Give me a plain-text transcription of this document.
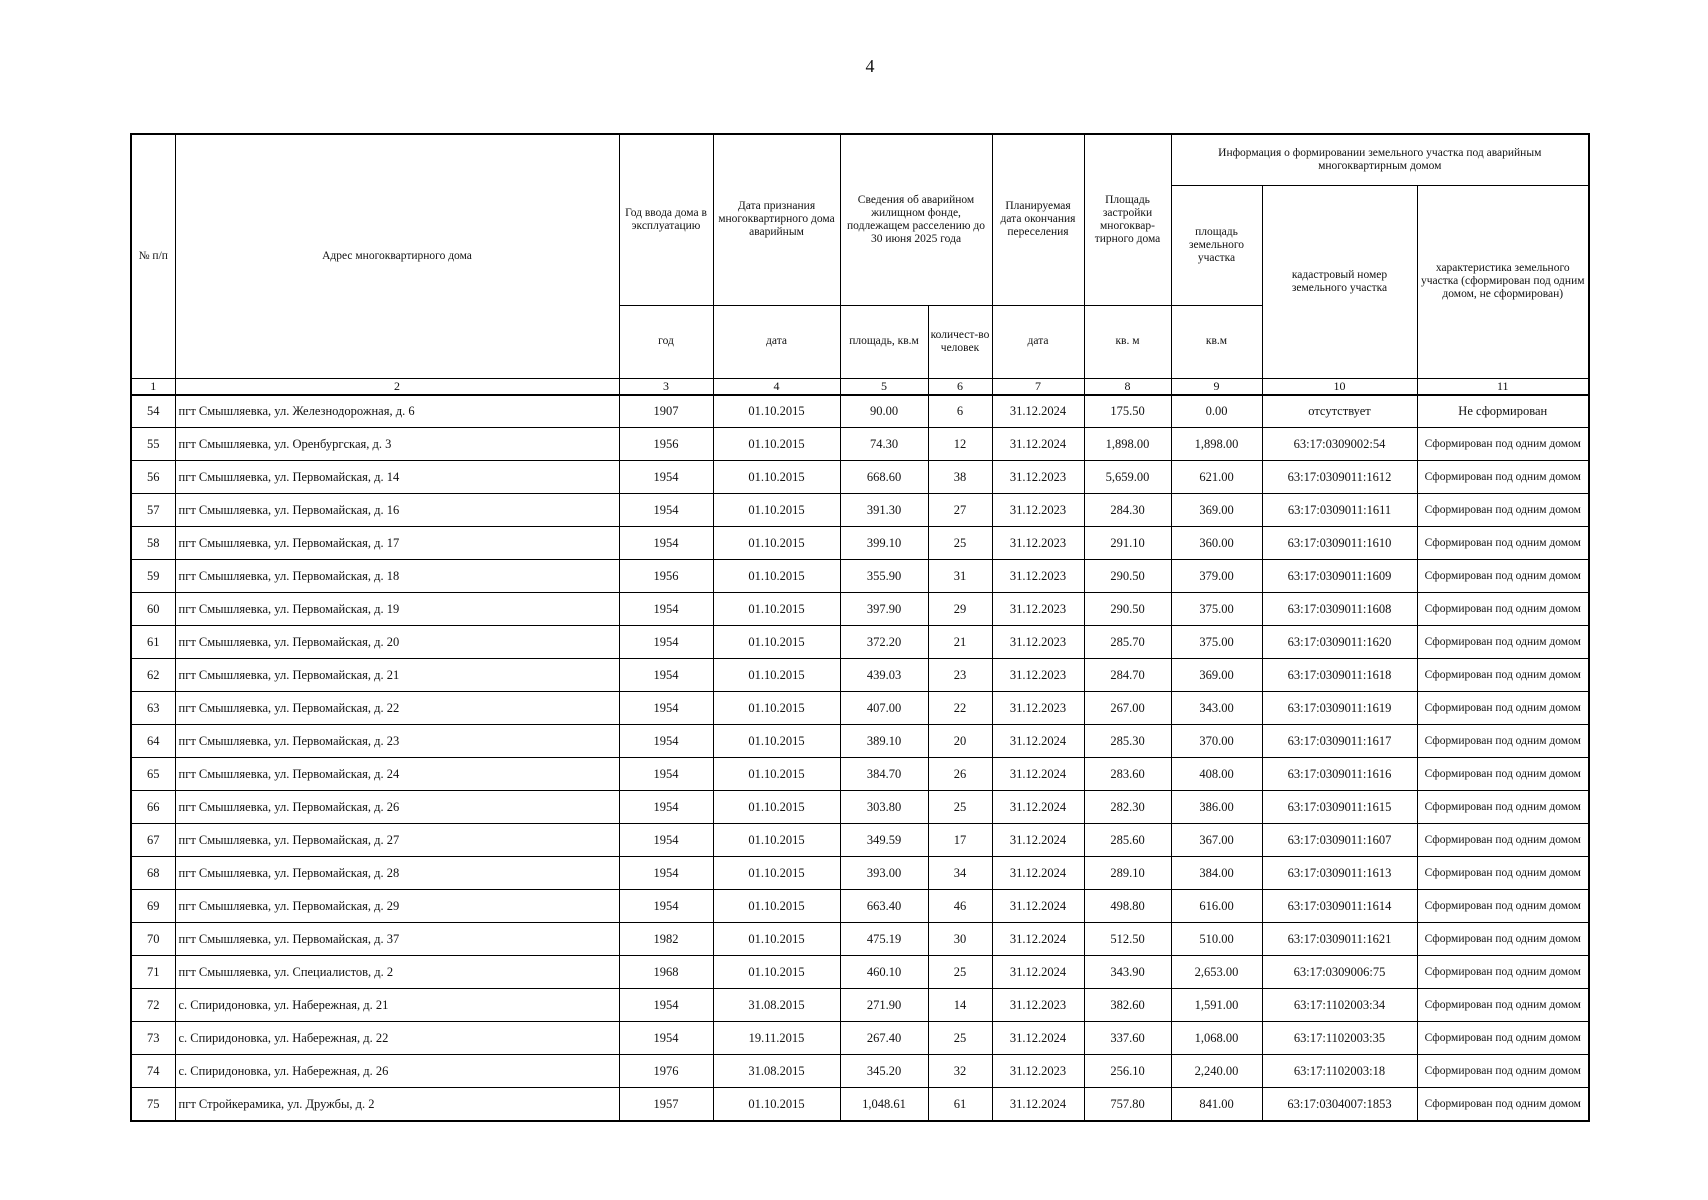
4
№ п/п	Адрес многоквартирного дома	Год ввода дома в эксплуатацию	Дата признания многоквартирного дома аварийным	Сведения об аварийном жилищном фонде, подлежащем расселению до 30 июня 2025 года		Планируемая дата окончания переселения	Площадь застройки многоквар-тирного дома	Информация о формировании земельного участка под аварийным многоквартирным домом		
								площадь земельного участка	кадастровый номер земельного участка	характеристика земельного участка (сформирован под одним домом, не сформирован)
		год	дата	площадь, кв.м	количест-во человек	дата	кв. м	кв.м		
1	2	3	4	5	6	7	8	9	10	11
54	пгт Смышляевка, ул. Железнодорожная, д. 6	1907	01.10.2015	90.00	6	31.12.2024	175.50	0.00	отсутствует	Не сформирован
55	пгт Смышляевка, ул. Оренбургская, д. 3	1956	01.10.2015	74.30	12	31.12.2024	1,898.00	1,898.00	63:17:0309002:54	Сформирован под одним домом
56	пгт Смышляевка, ул. Первомайская, д. 14	1954	01.10.2015	668.60	38	31.12.2023	5,659.00	621.00	63:17:0309011:1612	Сформирован под одним домом
57	пгт Смышляевка, ул. Первомайская, д. 16	1954	01.10.2015	391.30	27	31.12.2023	284.30	369.00	63:17:0309011:1611	Сформирован под одним домом
58	пгт Смышляевка, ул. Первомайская, д. 17	1954	01.10.2015	399.10	25	31.12.2023	291.10	360.00	63:17:0309011:1610	Сформирован под одним домом
59	пгт Смышляевка, ул. Первомайская, д. 18	1956	01.10.2015	355.90	31	31.12.2023	290.50	379.00	63:17:0309011:1609	Сформирован под одним домом
60	пгт Смышляевка, ул. Первомайская, д. 19	1954	01.10.2015	397.90	29	31.12.2023	290.50	375.00	63:17:0309011:1608	Сформирован под одним домом
61	пгт Смышляевка, ул. Первомайская, д. 20	1954	01.10.2015	372.20	21	31.12.2023	285.70	375.00	63:17:0309011:1620	Сформирован под одним домом
62	пгт Смышляевка, ул. Первомайская, д. 21	1954	01.10.2015	439.03	23	31.12.2023	284.70	369.00	63:17:0309011:1618	Сформирован под одним домом
63	пгт Смышляевка, ул. Первомайская, д. 22	1954	01.10.2015	407.00	22	31.12.2023	267.00	343.00	63:17:0309011:1619	Сформирован под одним домом
64	пгт Смышляевка, ул. Первомайская, д. 23	1954	01.10.2015	389.10	20	31.12.2024	285.30	370.00	63:17:0309011:1617	Сформирован под одним домом
65	пгт Смышляевка, ул. Первомайская, д. 24	1954	01.10.2015	384.70	26	31.12.2024	283.60	408.00	63:17:0309011:1616	Сформирован под одним домом
66	пгт Смышляевка, ул. Первомайская, д. 26	1954	01.10.2015	303.80	25	31.12.2024	282.30	386.00	63:17:0309011:1615	Сформирован под одним домом
67	пгт Смышляевка, ул. Первомайская, д. 27	1954	01.10.2015	349.59	17	31.12.2024	285.60	367.00	63:17:0309011:1607	Сформирован под одним домом
68	пгт Смышляевка, ул. Первомайская, д. 28	1954	01.10.2015	393.00	34	31.12.2024	289.10	384.00	63:17:0309011:1613	Сформирован под одним домом
69	пгт Смышляевка, ул. Первомайская, д. 29	1954	01.10.2015	663.40	46	31.12.2024	498.80	616.00	63:17:0309011:1614	Сформирован под одним домом
70	пгт Смышляевка, ул. Первомайская, д. 37	1982	01.10.2015	475.19	30	31.12.2024	512.50	510.00	63:17:0309011:1621	Сформирован под одним домом
71	пгт Смышляевка, ул. Специалистов, д. 2	1968	01.10.2015	460.10	25	31.12.2024	343.90	2,653.00	63:17:0309006:75	Сформирован под одним домом
72	с. Спиридоновка, ул. Набережная, д. 21	1954	31.08.2015	271.90	14	31.12.2023	382.60	1,591.00	63:17:1102003:34	Сформирован под одним домом
73	с. Спиридоновка, ул. Набережная, д. 22	1954	19.11.2015	267.40	25	31.12.2024	337.60	1,068.00	63:17:1102003:35	Сформирован под одним домом
74	с. Спиридоновка, ул. Набережная, д. 26	1976	31.08.2015	345.20	32	31.12.2023	256.10	2,240.00	63:17:1102003:18	Сформирован под одним домом
75	пгт Стройкерамика, ул. Дружбы, д. 2	1957	01.10.2015	1,048.61	61	31.12.2024	757.80	841.00	63:17:0304007:1853	Сформирован под одним домом
